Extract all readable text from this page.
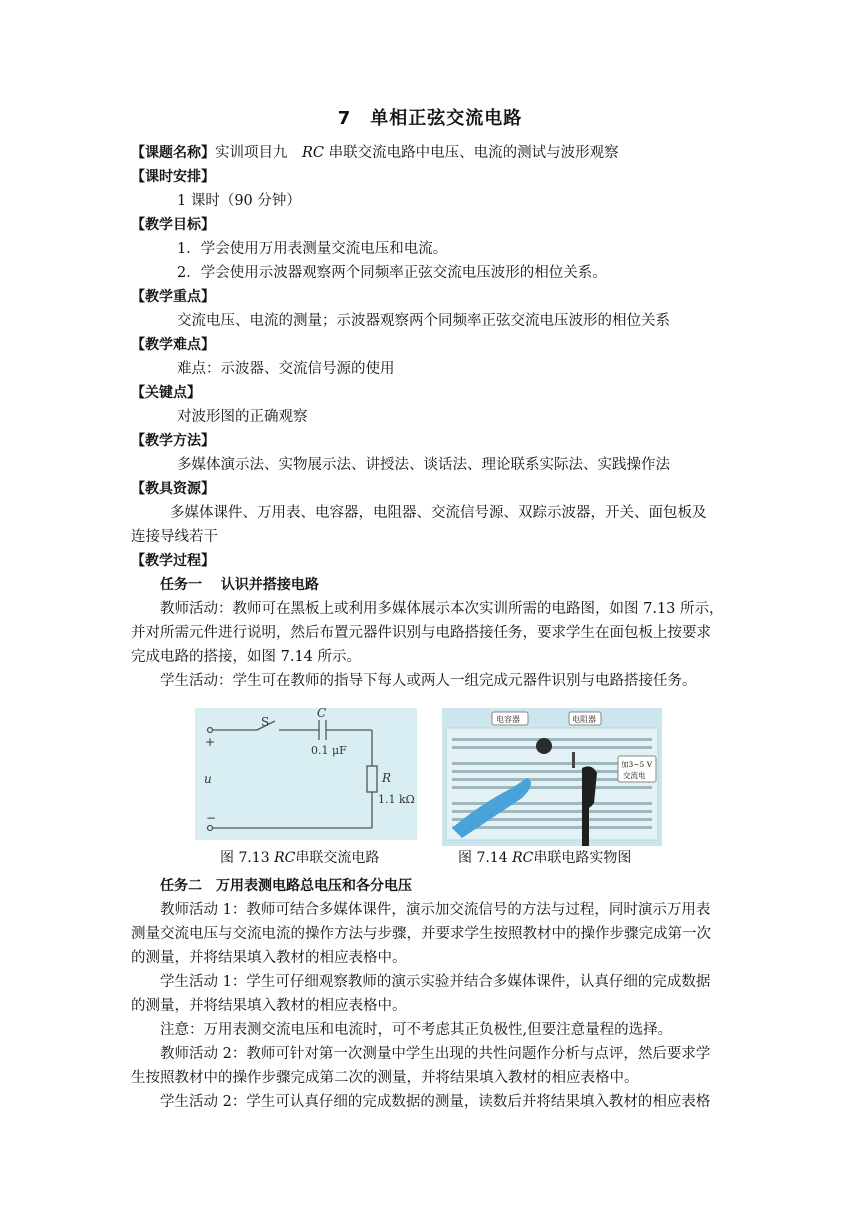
7　单相正弦交流电路
【课题名称】实训项目九　RC 串联交流电路中电压、电流的测试与波形观察
【课时安排】
1 课时（90 分钟）
【教学目标】
1．学会使用万用表测量交流电压和电流。
2．学会使用示波器观察两个同频率正弦交流电压波形的相位关系。
【教学重点】
交流电压、电流的测量；示波器观察两个同频率正弦交流电压波形的相位关系
【教学难点】
难点：示波器、交流信号源的使用
【关键点】
对波形图的正确观察
【教学方法】
多媒体演示法、实物展示法、讲授法、谈话法、理论联系实际法、实践操作法
【教具资源】
多媒体课件、万用表、电容器，电阻器、交流信号源、双踪示波器，开关、面包板及
连接导线若干
【教学过程】
任务一　 认识并搭接电路
教师活动：教师可在黑板上或利用多媒体展示本次实训所需的电路图，如图 7.13 所示，
并对所需元件进行说明，然后布置元器件识别与电路搭接任务，要求学生在面包板上按要求
完成电路的搭接，如图 7.14 所示。
学生活动：学生可在教师的指导下每人或两人一组完成元器件识别与电路搭接任务。
S
C
0.1 μF
R
1.1 kΩ
u
+
−
电容器	电阻器
加3~5 V
交流电
图 7.13 RC串联交流电路	图 7.14 RC串联电路实物图
任务二　万用表测电路总电压和各分电压
教师活动 1：教师可结合多媒体课件，演示加交流信号的方法与过程，同时演示万用表
测量交流电压与交流电流的操作方法与步骤，并要求学生按照教材中的操作步骤完成第一次
的测量，并将结果填入教材的相应表格中。
学生活动 1：学生可仔细观察教师的演示实验并结合多媒体课件，认真仔细的完成数据
的测量，并将结果填入教材的相应表格中。
注意：万用表测交流电压和电流时，可不考虑其正负极性,但要注意量程的选择。
教师活动 2：教师可针对第一次测量中学生出现的共性问题作分析与点评，然后要求学
生按照教材中的操作步骤完成第二次的测量，并将结果填入教材的相应表格中。
学生活动 2：学生可认真仔细的完成数据的测量，读数后并将结果填入教材的相应表格
